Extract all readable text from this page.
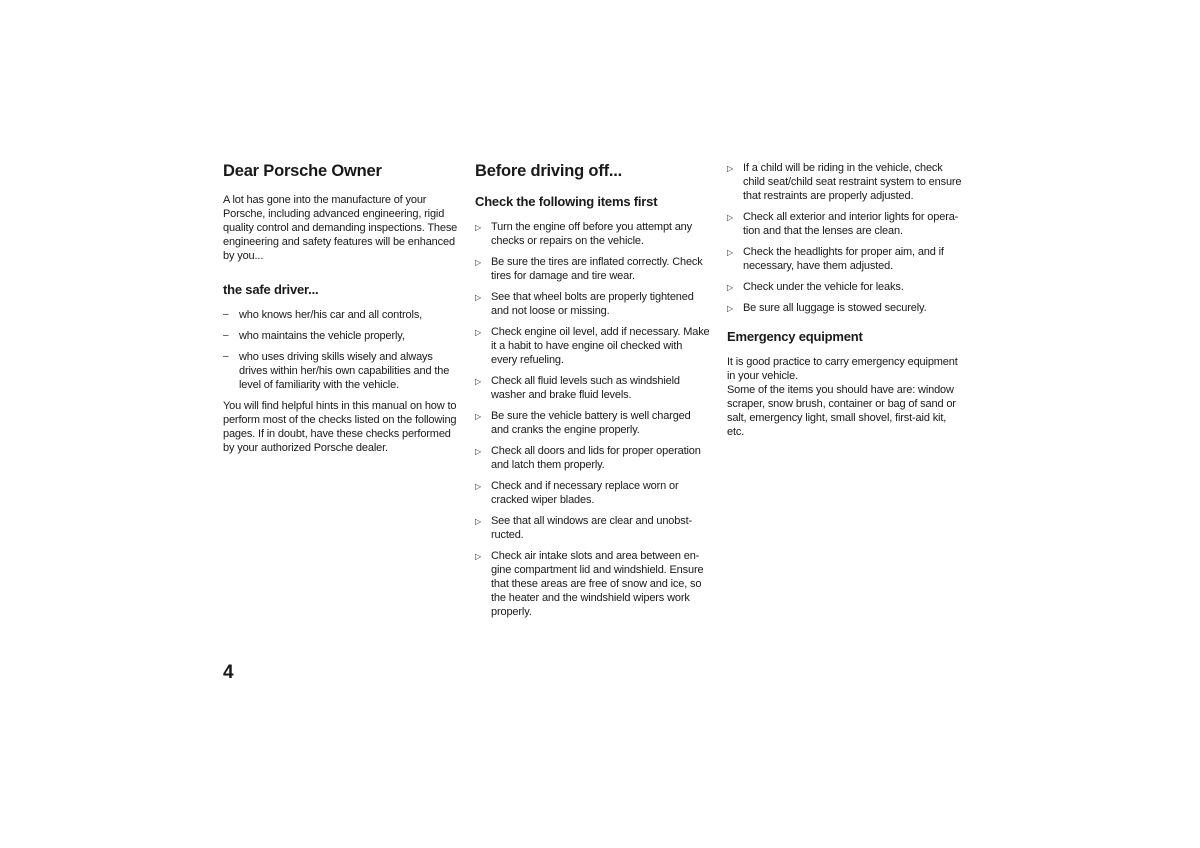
Dear Porsche Owner

A lot has gone into the manufacture of your Porsche, including advanced engineering, rigid quality control and demanding inspections. These engineering and safety features will be enhanced by you...

the safe driver...
– who knows her/his car and all controls,
– who maintains the vehicle properly,
– who uses driving skills wisely and always drives within her/his own capabilities and the level of familiarity with the vehicle.

You will find helpful hints in this manual on how to perform most of the checks listed on the following pages. If in doubt, have these checks performed by your authorized Porsche dealer.

Before driving off...
Check the following items first
▷ Turn the engine off before you attempt any checks or repairs on the vehicle.
▷ Be sure the tires are inflated correctly. Check tires for damage and tire wear.
▷ See that wheel bolts are properly tightened and not loose or missing.
▷ Check engine oil level, add if necessary. Make it a habit to have engine oil checked with every refueling.
▷ Check all fluid levels such as windshield washer and brake fluid levels.
▷ Be sure the vehicle battery is well charged and cranks the engine properly.
▷ Check all doors and lids for proper operation and latch them properly.
▷ Check and if necessary replace worn or cracked wiper blades.
▷ See that all windows are clear and unobst-ructed.
▷ Check air intake slots and area between en-gine compartment lid and windshield. Ensure that these areas are free of snow and ice, so the heater and the windshield wipers work properly.
▷ If a child will be riding in the vehicle, check child seat/child seat restraint system to ensure that restraints are properly adjusted.
▷ Check all exterior and interior lights for opera-tion and that the lenses are clean.
▷ Check the headlights for proper aim, and if necessary, have them adjusted.
▷ Check under the vehicle for leaks.
▷ Be sure all luggage is stowed securely.
Emergency equipment

It is good practice to carry emergency equipment in your vehicle.

Some of the items you should have are: window scraper, snow brush, container or bag of sand or salt, emergency light, small shovel, first-aid kit, etc.

4
